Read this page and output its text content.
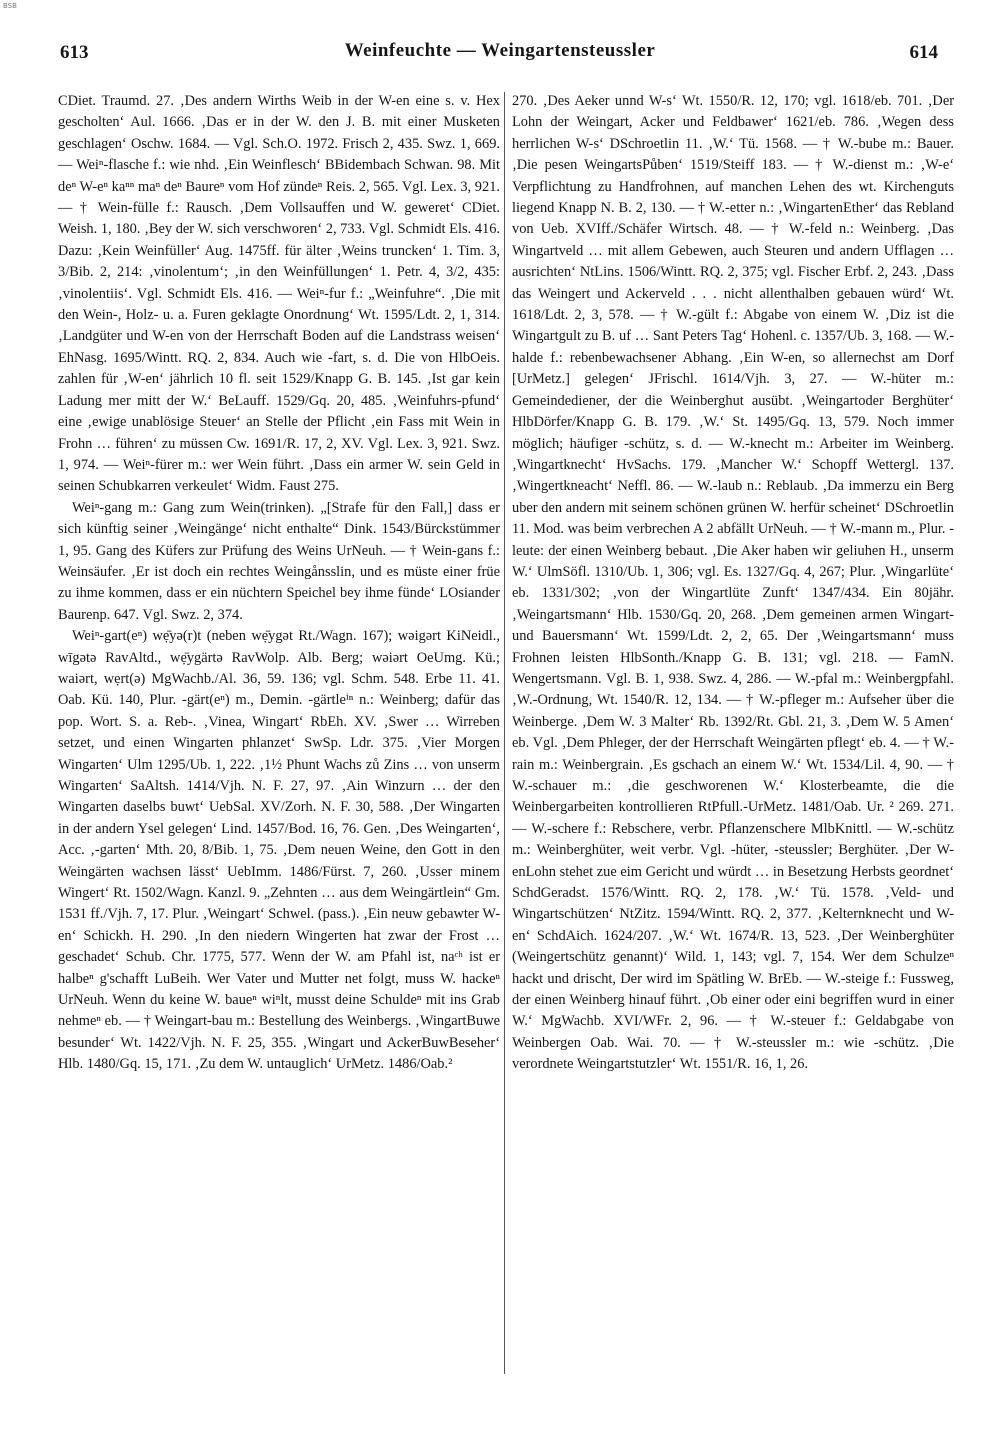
BSB
613	Weinfeuchte — Weingartensteussler	614

CDiet. Traumd. 27. ‚Des andern Wirths Weib in der W-en eine s. v. Hex gescholten‘ Aul. 1666. ‚Das er in der W. den J. B. mit einer Musketen geschlagen‘ Oschw. 1684. — Vgl. Sch.O. 1972. Frisch 2, 435. Swz. 1, 669. — Weiⁿ-flasche f.: wie nhd. ‚Ein Weinflesch‘ BBidembach Schwan. 98. Mit deⁿ W-eⁿ kaⁿⁿ maⁿ deⁿ Baureⁿ vom Hof zündeⁿ Reis. 2, 565. Vgl. Lex. 3, 921. — † Wein-fülle f.: Rausch. ‚Dem Vollsauffen und W. geweret‘ CDiet. Weish. 1, 180. ‚Bey der W. sich verschworen‘ 2, 733. Vgl. Schmidt Els. 416. Dazu: ‚Kein Weinfüller‘ Aug. 1475ff. für älter ‚Weins truncken‘ 1. Tim. 3, 3/Bib. 2, 214: ‚vinolentum‘; ‚in den Weinfüllungen‘ 1. Petr. 4, 3/2, 435: ‚vinolentiis‘. Vgl. Schmidt Els. 416. — Weiⁿ-fur f.: „Weinfuhre“. ‚Die mit den Wein-, Holz- u. a. Furen geklagte Onordnung‘ Wt. 1595/Ldt. 2, 1, 314. ‚Landgüter und W-en von der Herrschaft Boden auf die Landstrass weisen‘ EhNasg. 1695/Wintt. RQ. 2, 834. Auch wie -fart, s. d. Die von HlbOeis. zahlen für ‚W-en‘ jährlich 10 fl. seit 1529/Knapp G. B. 145. ‚Ist gar kein Ladung mer mitt der W.‘ BeLauff. 1529/Gq. 20, 485. ‚Weinfuhrs-pfund‘ eine ‚ewige unablösige Steuer‘ an Stelle der Pflicht ‚ein Fass mit Wein in Frohn … führen‘ zu müssen Cw. 1691/R. 17, 2, XV. Vgl. Lex. 3, 921. Swz. 1, 974. — Weiⁿ-fürer m.: wer Wein führt. ‚Dass ein armer W. sein Geld in seinen Schubkarren verkeulet‘ Widm. Faust 275.

Weiⁿ-gang m.: Gang zum Wein(trinken). „[Strafe für den Fall,] dass er sich künftig seiner ‚Weingänge‘ nicht enthalte“ Dink. 1543/Bürckstümmer 1, 95. Gang des Küfers zur Prüfung des Weins UrNeuh. — † Wein-gans f.: Weinsäufer. ‚Er ist doch ein rechtes Weingånsslin, und es müste einer früe zu ihme kommen, dass er ein nüchtern Speichel bey ihme fünde‘ LOsiander Baurenp. 647. Vgl. Swz. 2, 374.

Weiⁿ-gart(eⁿ) wẹ̄yə(r)t (neben wẹ̄ygət Rt./Wagn. 167); wəigərt KiNeidl., wīgətə RavAltd., wẹ̄ygärtə RavWolp. Alb. Berg; wəiərt OeUmg. Kü.; waiərt, wẹrt(ə) MgWachb./Al. 36, 59. 136; vgl. Schm. 548. Erbe 11. 41. Oab. Kü. 140, Plur. -gärt(eⁿ) m., Demin. -gärtleⁱⁿ n.: Weinberg; dafür das pop. Wort. S. a. Reb-. ‚Vinea, Wingart‘ RbEh. XV. ‚Swer … Wirreben setzet, und einen Wingarten phlanzet‘ SwSp. Ldr. 375. ‚Vier Morgen Wingarten‘ Ulm 1295/Ub. 1, 222. ‚1½ Phunt Wachs zů Zins … von unserm Wingarten‘ SaAltsh. 1414/Vjh. N. F. 27, 97. ‚Ain Winzurn … der den Wingarten daselbs buwt‘ UebSal. XV/Zorh. N. F. 30, 588. ‚Der Wingarten in der andern Ysel gelegen‘ Lind. 1457/Bod. 16, 76. Gen. ‚Des Weingarten‘, Acc. ‚-garten‘ Mth. 20, 8/Bib. 1, 75. ‚Dem neuen Weine, den Gott in den Weingärten wachsen lässt‘ UebImm. 1486/Fürst. 7, 260. ‚Usser minem Wingert‘ Rt. 1502/Wagn. Kanzl. 9. „Zehnten … aus dem Weingärtlein“ Gm. 1531 ff./Vjh. 7, 17. Plur. ‚Weingart‘ Schwel. (pass.). ‚Ein neuw gebawter W-en‘ Schickh. H. 290. ‚In den niedern Wingerten hat zwar der Frost … geschadet‘ Schub. Chr. 1775, 577. Wenn der W. am Pfahl ist, naᶜʰ ist er halbeⁿ g'schafft LuBeih. Wer Vater und Mutter net folgt, muss W. hackeⁿ UrNeuh. Wenn du keine W. baueⁿ wiⁿlt, musst deine Schuldeⁿ mit ins Grab nehmeⁿ eb. — † Weingart-bau m.: Bestellung des Weinbergs. ‚WingartBuwe besunder‘ Wt. 1422/Vjh. N. F. 25, 355. ‚Wingart und AckerBuwBeseher‘ Hlb. 1480/Gq. 15, 171. ‚Zu dem W. untauglich‘ UrMetz. 1486/Oab.²

270. ‚Des Aeker unnd W-s‘ Wt. 1550/R. 12, 170; vgl. 1618/eb. 701. ‚Der Lohn der Weingart, Acker und Feldbawer‘ 1621/eb. 786. ‚Wegen dess herrlichen W-s‘ DSchroetlin 11. ‚W.‘ Tü. 1568. — † W.-bube m.: Bauer. ‚Die pesen WeingartsPůben‘ 1519/Steiff 183. — † W.-dienst m.: ‚W-e‘ Verpflichtung zu Handfrohnen, auf manchen Lehen des wt. Kirchenguts liegend Knapp N. B. 2, 130. — † W.-etter n.: ‚WingartenEther‘ das Rebland von Ueb. XVIff./Schäfer Wirtsch. 48. — † W.-feld n.: Weinberg. ‚Das Wingartveld … mit allem Gebewen, auch Steuren und andern Ufflagen … ausrichten‘ NtLins. 1506/Wintt. RQ. 2, 375; vgl. Fischer Erbf. 2, 243. ‚Dass das Weingert und Ackerveld . . . nicht allenthalben gebauen würd‘ Wt. 1618/Ldt. 2, 3, 578. — † W.-gült f.: Abgabe von einem W. ‚Diz ist die Wingartgult zu B. uf … Sant Peters Tag‘ Hohenl. c. 1357/Ub. 3, 168. — W.-halde f.: rebenbewachsener Abhang. ‚Ein W-en, so allernechst am Dorf [UrMetz.] gelegen‘ JFrischl. 1614/Vjh. 3, 27. — W.-hüter m.: Gemeindediener, der die Weinberghut ausübt. ‚Weingartoder Berghüter‘ HlbDörfer/Knapp G. B. 179. ‚W.‘ St. 1495/Gq. 13, 579. Noch immer möglich; häufiger -schütz, s. d. — W.-knecht m.: Arbeiter im Weinberg. ‚Wingartknecht‘ HvSachs. 179. ‚Mancher W.‘ Schopff Wettergl. 137. ‚Wingertkneacht‘ Neffl. 86. — W.-laub n.: Reblaub. ‚Da immerzu ein Berg uber den andern mit seinem schönen grünen W. herfür scheinet‘ DSchroetlin 11. Mod. was beim verbrechen A 2 abfällt UrNeuh. — † W.-mann m., Plur. -leute: der einen Weinberg bebaut. ‚Die Aker haben wir geliuhen H., unserm W.‘ UlmSöfl. 1310/Ub. 1, 306; vgl. Es. 1327/Gq. 4, 267; Plur. ‚Wingarlüte‘ eb. 1331/302; ‚von der Wingartlüte Zunft‘ 1347/434. Ein 80jähr. ‚Weingartsmann‘ Hlb. 1530/Gq. 20, 268. ‚Dem gemeinen armen Wingart- und Bauersmann‘ Wt. 1599/Ldt. 2, 2, 65. Der ‚Weingartsmann‘ muss Frohnen leisten HlbSonth./Knapp G. B. 131; vgl. 218. — FamN. Wengertsmann. Vgl. B. 1, 938. Swz. 4, 286. — W.-pfal m.: Weinbergpfahl. ‚W.-Ordnung, Wt. 1540/R. 12, 134. — † W.-pfleger m.: Aufseher über die Weinberge. ‚Dem W. 3 Malter‘ Rb. 1392/Rt. Gbl. 21, 3. ‚Dem W. 5 Amen‘ eb. Vgl. ‚Dem Phleger, der der Herrschaft Weingärten pflegt‘ eb. 4. — † W.-rain m.: Weinbergrain. ‚Es gschach an einem W.‘ Wt. 1534/Lil. 4, 90. — † W.-schauer m.: ‚die geschworenen W.‘ Klosterbeamte, die die Weinbergarbeiten kontrollieren RtPfull.-UrMetz. 1481/Oab. Ur. ² 269. 271. — W.-schere f.: Rebschere, verbr. Pflanzenschere MlbKnittl. — W.-schütz m.: Weinberghüter, weit verbr. Vgl. -hüter, -steussler; Berghüter. ‚Der W-enLohn stehet zue eim Gericht und würdt … in Besetzung Herbsts geordnet‘ SchdGeradst. 1576/Wintt. RQ. 2, 178. ‚W.‘ Tü. 1578. ‚Veld- und Wingartschützen‘ NtZitz. 1594/Wintt. RQ. 2, 377. ‚Kelternknecht und W-en‘ SchdAich. 1624/207. ‚W.‘ Wt. 1674/R. 13, 523. ‚Der Weinberghüter (Weingertschütz genannt)‘ Wild. 1, 143; vgl. 7, 154. Wer dem Schulzeⁿ hackt und drischt, Der wird im Spätling W. BrEb. — W.-steige f.: Fussweg, der einen Weinberg hinauf führt. ‚Ob einer oder eini begriffen wurd in einer W.‘ MgWachb. XVI/WFr. 2, 96. — † W.-steuer f.: Geldabgabe von Weinbergen Oab. Wai. 70. — † W.-steussler m.: wie -schütz. ‚Die verordnete Weingartstutzler‘ Wt. 1551/R. 16, 1, 26.
